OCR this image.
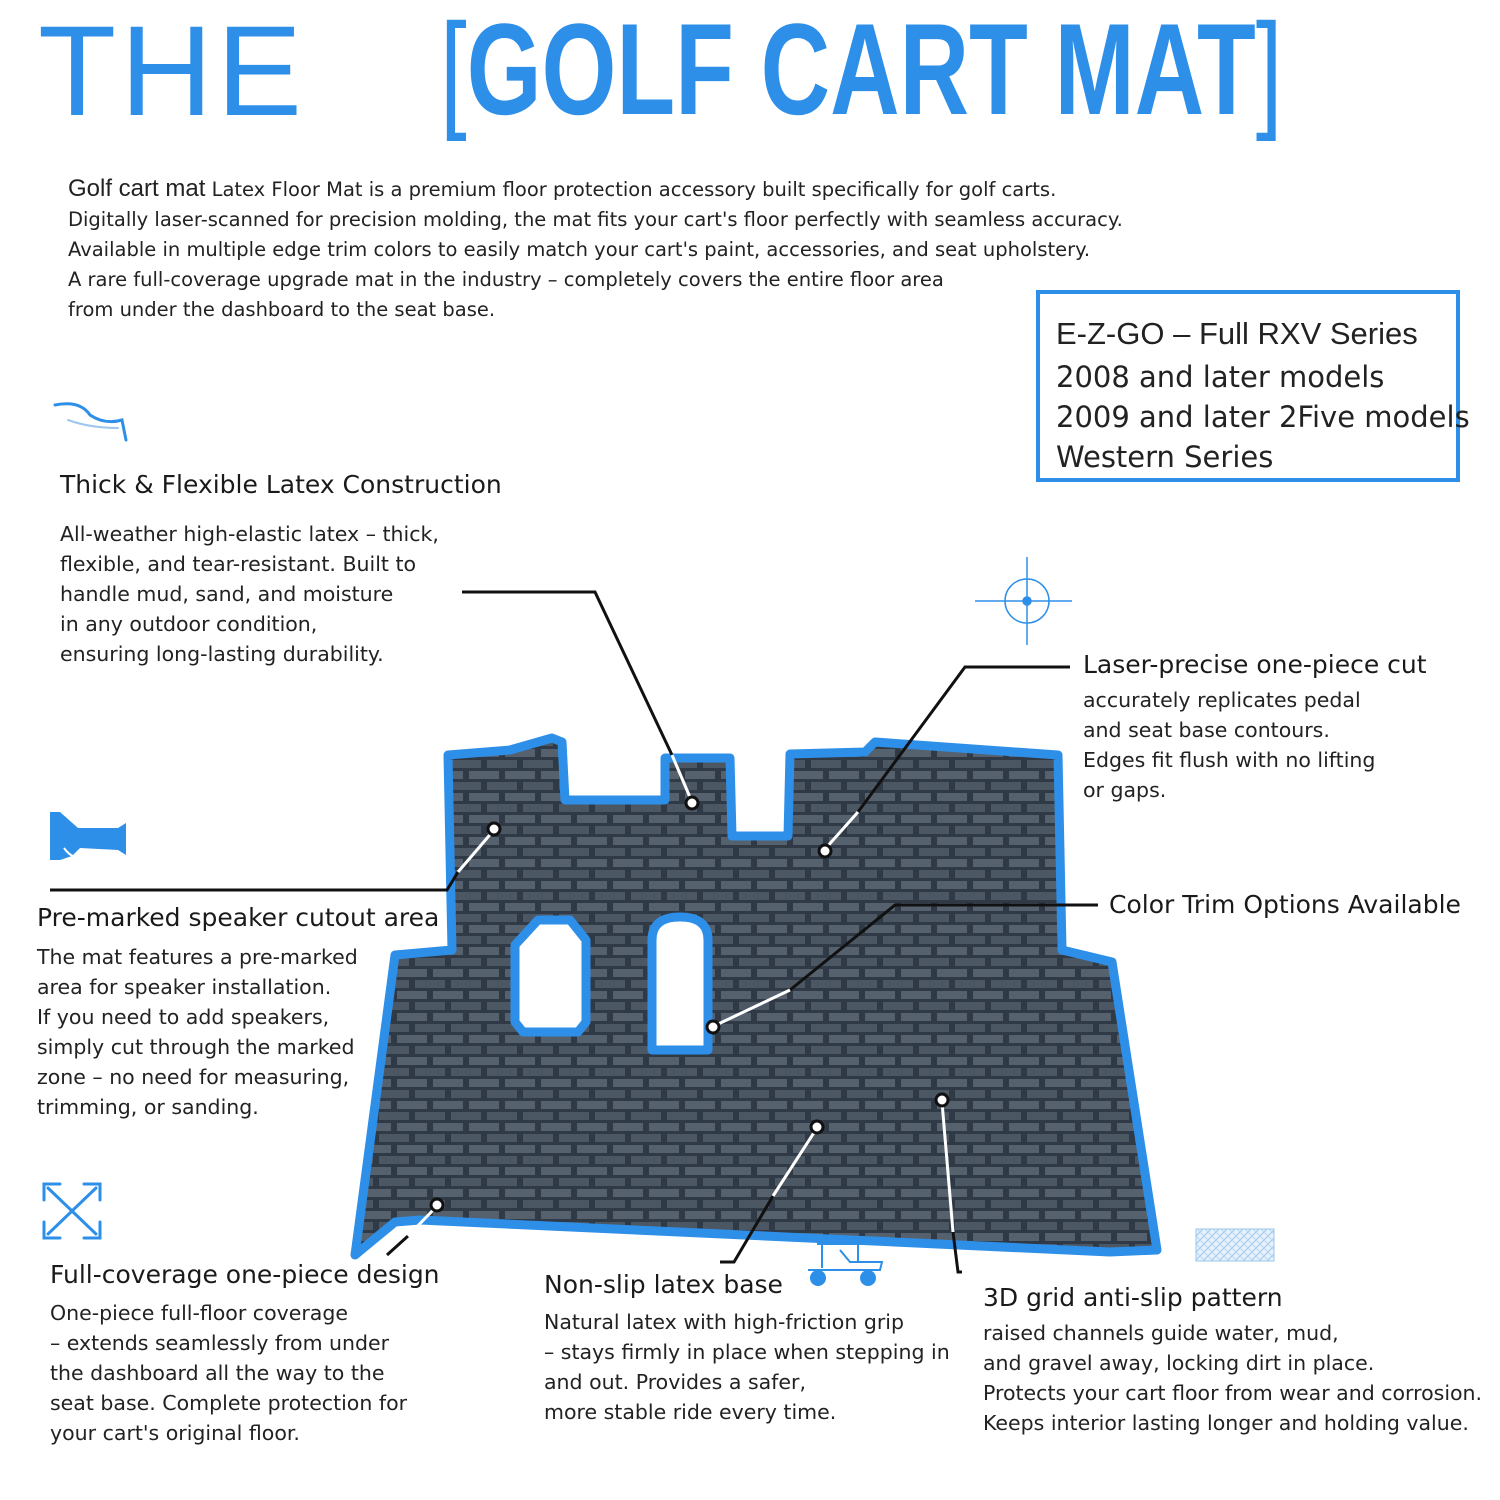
THE [GOLF CART MAT]

Golf cart mat Latex Floor Mat is a premium floor protection accessory built specifically for golf carts.

Digitally laser-scanned for precision molding, the mat fits your cart's floor perfectly with seamless accuracy.

Available in multiple edge trim colors to easily match your cart's paint, accessories, and seat upholstery.

A rare full-coverage upgrade mat in the industry – completely covers the entire floor area

from under the dashboard to the seat base.

E-Z-GO – Full RXV Series
2008 and later models
2009 and later 2Five models
Western Series
Thick & Flexible Latex Construction

All-weather high-elastic latex – thick,

flexible, and tear-resistant. Built to

handle mud, sand, and moisture

in any outdoor condition,

ensuring long-lasting durability.	Laser-precise one-piece cut

accurately replicates pedal

and seat base contours.

Edges fit flush with no lifting

or gaps.

Color Trim Options Available
Pre-marked speaker cutout area

The mat features a pre-marked

area for speaker installation.

If you need to add speakers,

simply cut through the marked

zone – no need for measuring,

trimming, or sanding.

Full-coverage one-piece design

One-piece full-floor coverage

– extends seamlessly from under

the dashboard all the way to the

seat base. Complete protection for

your cart's original floor.

Non-slip latex base

Natural latex with high-friction grip

– stays firmly in place when stepping in

and out. Provides a safer,

more stable ride every time.

3D grid anti-slip pattern

raised channels guide water, mud,

and gravel away, locking dirt in place.

Protects your cart floor from wear and corrosion.

Keeps interior lasting longer and holding value.
